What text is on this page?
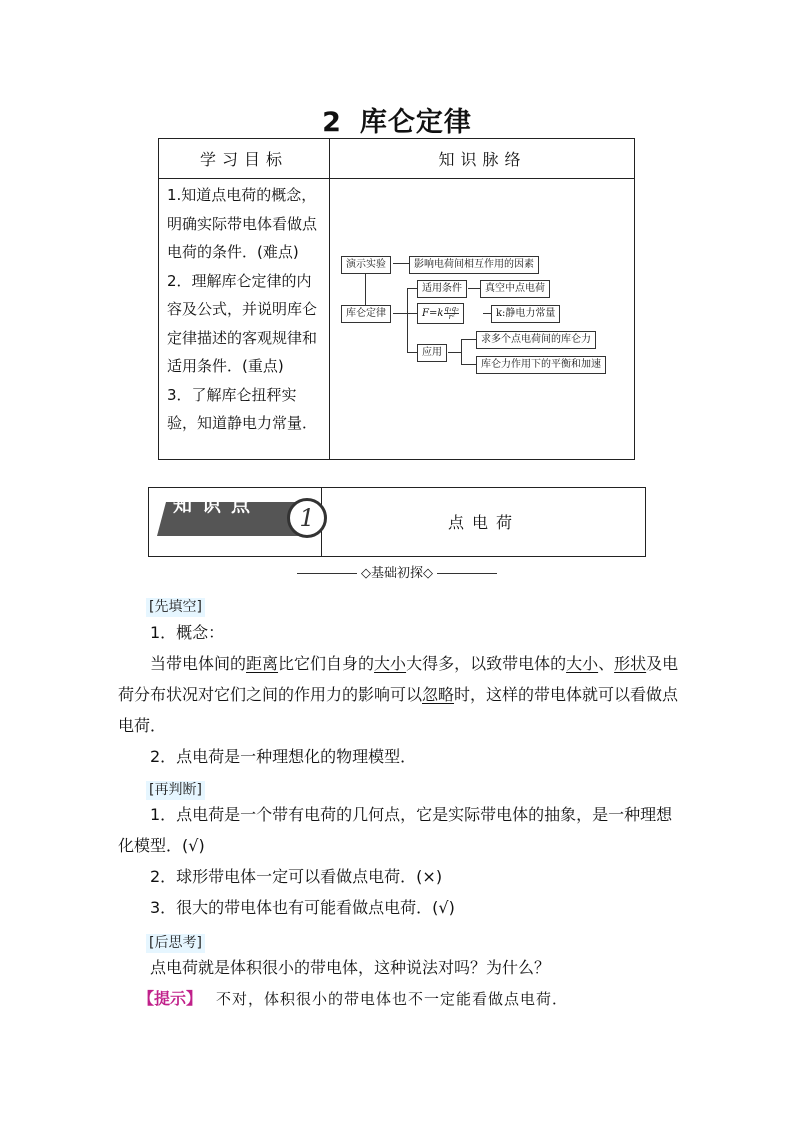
2 库仑定律
学习目标	知识脉络

1.知道点电荷的概念，明确实际带电体看做点电荷的条件．(难点)

2．理解库仑定律的内容及公式，并说明库仑定律描述的客观规律和适用条件．(重点)

3．了解库仑扭秤实验，知道静电力常量．

演示实验	影响电荷间相互作用的因素
库仑定律
适用条件	真空中点电荷
$F=k \frac{\text{q₁q₂}}{\text{r²}}$	k:静电力常量
应用
求多个点电荷间的库仑力
库仑力作用下的平衡和加速
知识点	1	点电荷
◇基础初探◇
[先填空]

1．概念：

当带电体间的距离比它们自身的大小大得多，以致带电体的大小、形状及电荷分布状况对它们之间的作用力的影响可以忽略时，这样的带电体就可以看做点电荷．

2．点电荷是一种理想化的物理模型．

[再判断]

1．点电荷是一个带有电荷的几何点，它是实际带电体的抽象，是一种理想化模型．(√)

2．球形带电体一定可以看做点电荷．(×)

3．很大的带电体也有可能看做点电荷．(√)

[后思考]

点电荷就是体积很小的带电体，这种说法对吗？为什么？

【提示】 不对，体积很小的带电体也不一定能看做点电荷．
